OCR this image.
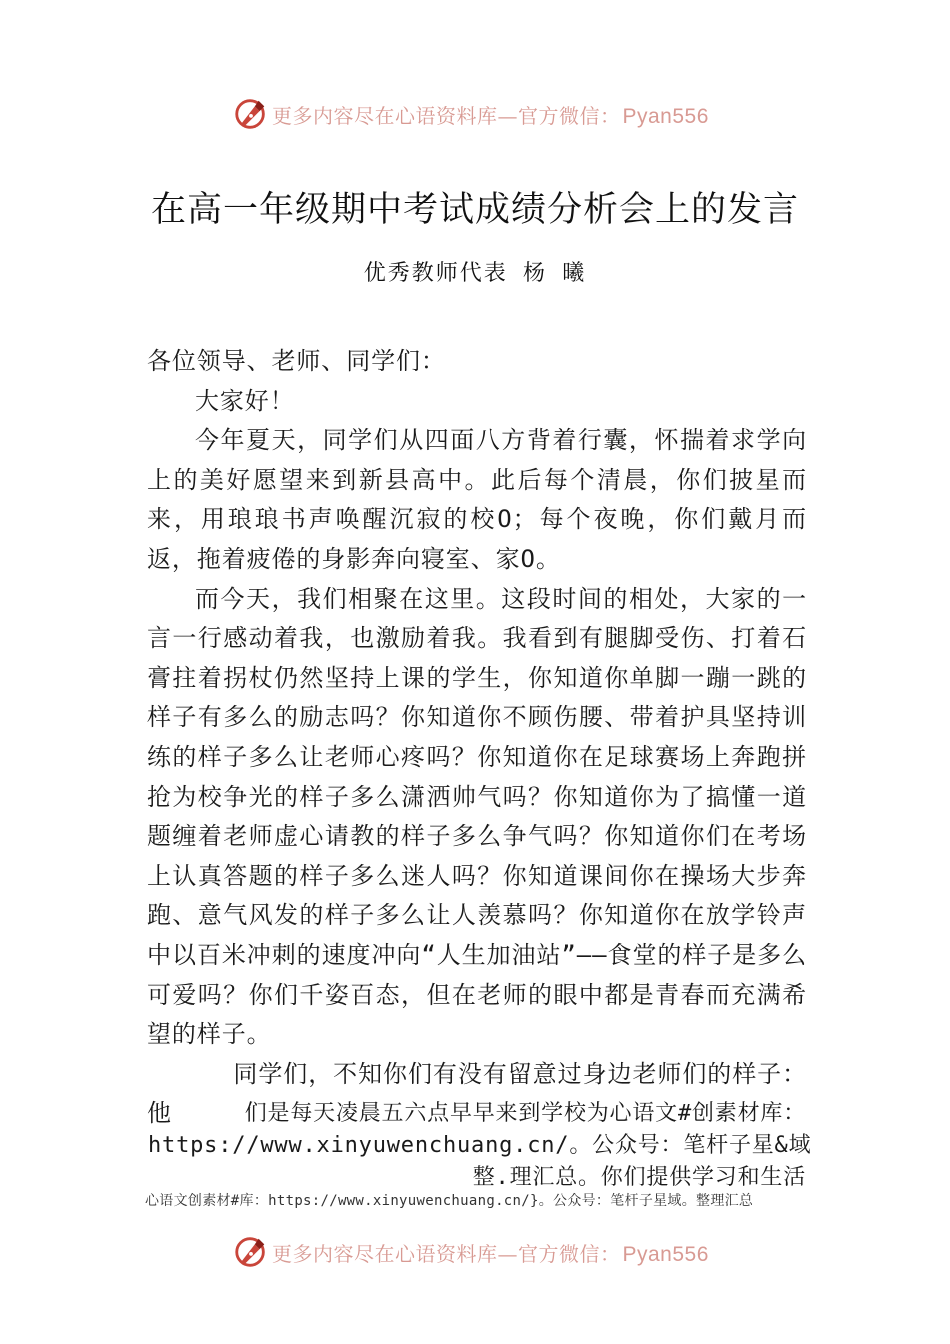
更多内容尽在心语资料库—官方微信：Pyan556
在高一年级期中考试成绩分析会上的发言
优秀教师代表 杨 曦

各位领导、老师、同学们：

大家好！

今年夏天，同学们从四面八方背着行囊，怀揣着求学向上的美好愿望来到新县高中。此后每个清晨，你们披星而来，用琅琅书声唤醒沉寂的校О；每个夜晚，你们戴月而返，拖着疲倦的身影奔向寝室、家О。

而今天，我们相聚在这里。这段时间的相处，大家的一言一行感动着我，也激励着我。我看到有腿脚受伤、打着石膏拄着拐杖仍然坚持上课的学生，你知道你单脚一蹦一跳的样子有多么的励志吗？你知道你不顾伤腰、带着护具坚持训练的样子多么让老师心疼吗？你知道你在足球赛场上奔跑拼抢为校争光的样子多么潇洒帅气吗？你知道你为了搞懂一道题缠着老师虚心请教的样子多么争气吗？你知道你们在考场上认真答题的样子多么迷人吗？你知道课间你在操场大步奔跑、意气风发的样子多么让人羡慕吗？你知道你在放学铃声中以百米冲刺的速度冲向“人生加油站”——食堂的样子是多么可爱吗？你们千姿百态，但在老师的眼中都是青春而充满希望的样子。

同学们，不知你们有没有留意过身边老师们的样子：他	们是每天凌晨五六点早早来到学校为心语文#创素材库：
https://www.xinyuwenchuang.cn/。公众号：笔杆子星&域
整.理汇总。你们提供学习和生活
心语文创素材#库：https://www.xinyuwenchuang.cn/}。公众号：笔杆子星域。整理汇总
更多内容尽在心语资料库—官方微信：Pyan556
